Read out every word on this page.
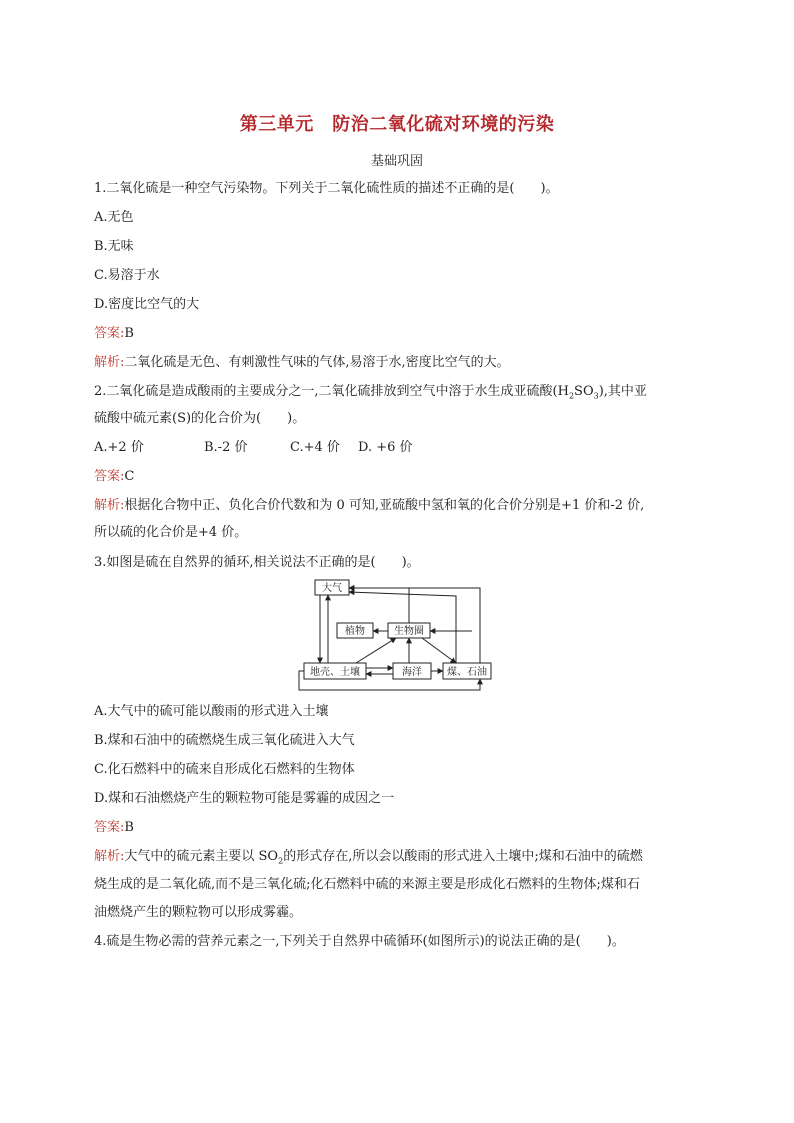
第三单元　防治二氧化硫对环境的污染
基础巩固
1.二氧化硫是一种空气污染物。下列关于二氧化硫性质的描述不正确的是(　　)。
A.无色
B.无味
C.易溶于水
D.密度比空气的大
答案:B
解析:二氧化硫是无色、有刺激性气味的气体,易溶于水,密度比空气的大。
2.二氧化硫是造成酸雨的主要成分之一,二氧化硫排放到空气中溶于水生成亚硫酸$(H_2SO_3)$,其中亚
硫酸中硫元素(S)的化合价为(　　)。
A.+2 价	B.-2 价	C.+4 价 D. +6 价
答案:C
解析:根据化合物中正、负化合价代数和为 0 可知,亚硫酸中氢和氧的化合价分别是+1 价和-2 价,
所以硫的化合价是+4 价。
3.如图是硫在自然界的循环,相关说法不正确的是(　　)。
大气
植物	生物圈
地壳、土壤	海洋	煤、石油
A.大气中的硫可能以酸雨的形式进入土壤
B.煤和石油中的硫燃烧生成三氧化硫进入大气
C.化石燃料中的硫来自形成化石燃料的生物体
D.煤和石油燃烧产生的颗粒物可能是雾霾的成因之一
答案:B
解析:大气中的硫元素主要以 $SO_2$的形式存在,所以会以酸雨的形式进入土壤中;煤和石油中的硫燃
烧生成的是二氧化硫,而不是三氧化硫;化石燃料中硫的来源主要是形成化石燃料的生物体;煤和石
油燃烧产生的颗粒物可以形成雾霾。
4.硫是生物必需的营养元素之一,下列关于自然界中硫循环(如图所示)的说法正确的是(　　)。
